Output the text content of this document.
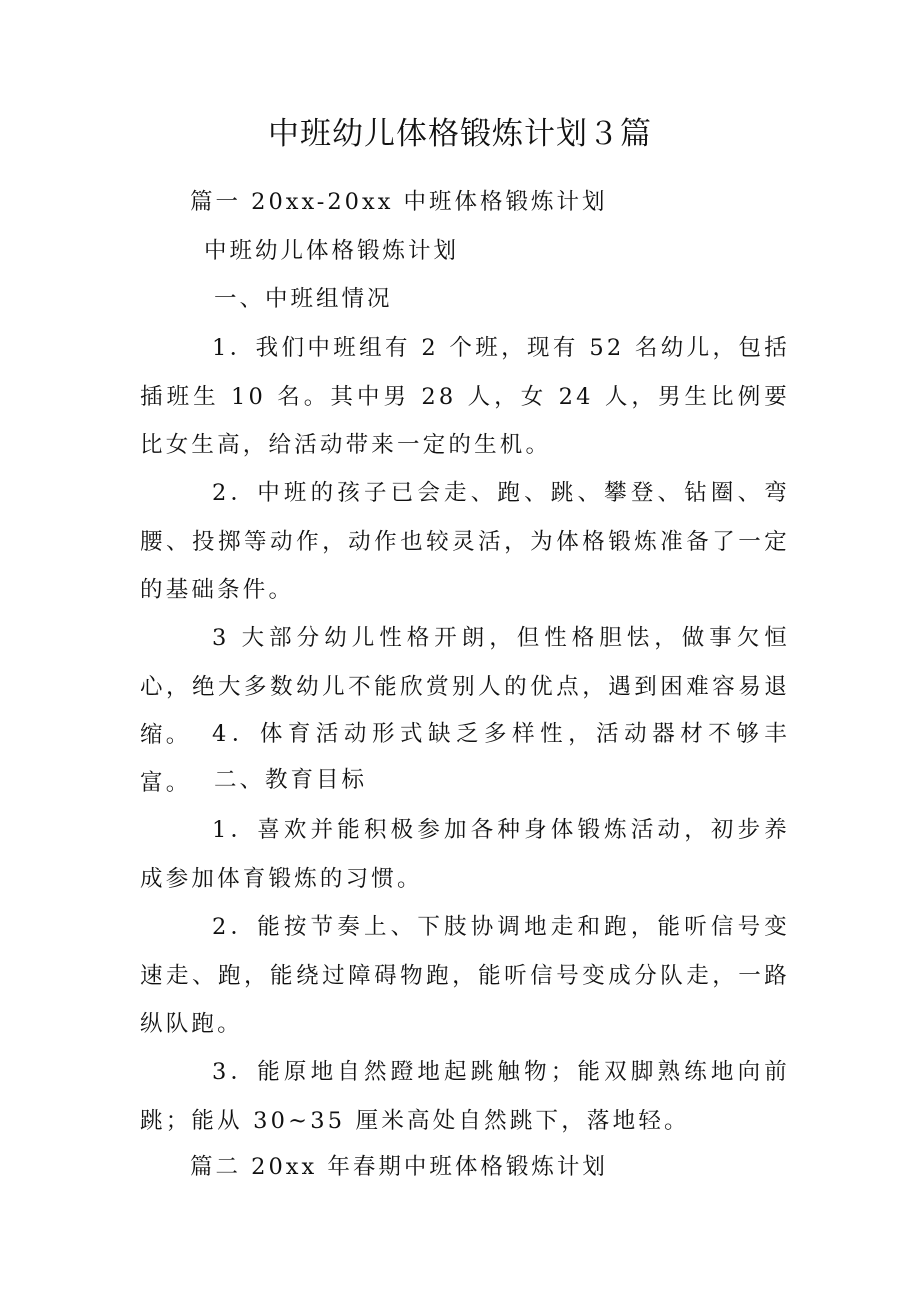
中班幼儿体格锻炼计划３篇

篇一 20xx-20xx 中班体格锻炼计划

中班幼儿体格锻炼计划

一、中班组情况

1．我们中班组有 2 个班，现有 52 名幼儿，包括插班生 10 名。其中男 28 人，女 24 人，男生比例要比女生高，给活动带来一定的生机。

2．中班的孩子已会走、跑、跳、攀登、钻圈、弯腰、投掷等动作，动作也较灵活，为体格锻炼准备了一定的基础条件。

3 大部分幼儿性格开朗，但性格胆怯，做事欠恒心，绝大多数幼儿不能欣赏别人的优点，遇到困难容易退缩。 4．体育活动形式缺乏多样性，活动器材不够丰富。	二、教育目标

1．喜欢并能积极参加各种身体锻炼活动，初步养成参加体育锻炼的习惯。

2．能按节奏上、下肢协调地走和跑，能听信号变速走、跑，能绕过障碍物跑，能听信号变成分队走，一路纵队跑。

3．能原地自然蹬地起跳触物；能双脚熟练地向前跳；能从 30~35 厘米高处自然跳下，落地轻。

篇二 20xx 年春期中班体格锻炼计划
